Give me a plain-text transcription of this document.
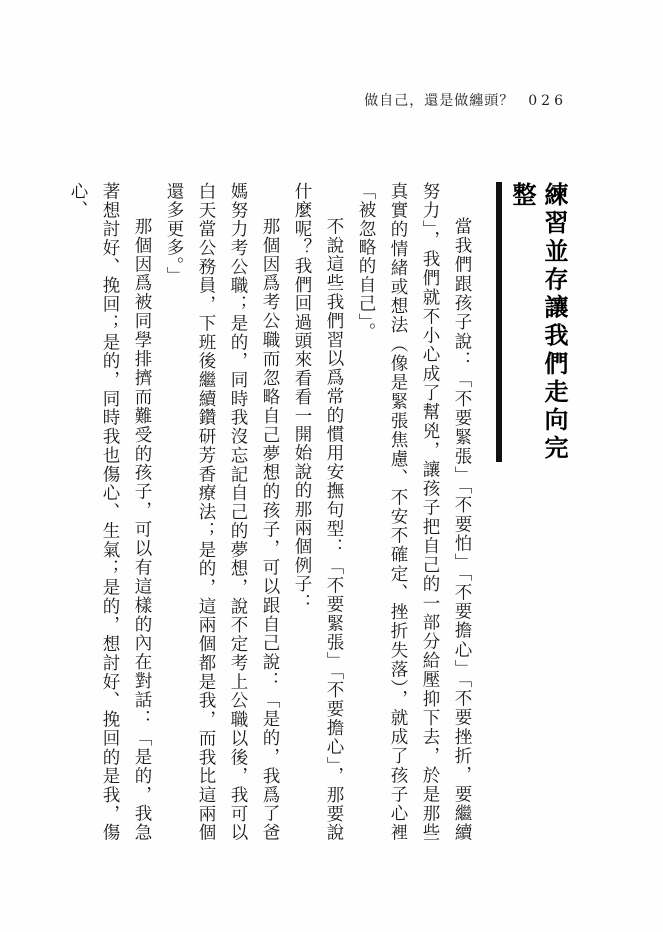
做自己，還是做纏頭？ 026
練習並存讓我們走向完整

當我們跟孩子說：「不要緊張」「不要怕」「不要擔心」「不要挫折，要繼續努力」，我們就不小心成了幫兇，讓孩子把自己的一部分給壓抑下去，於是那些真實的情緒或想法（像是緊張焦慮、不安不確定、挫折失落），就成了孩子心裡「被忽略的自己」。

不說這些我們習以爲常的慣用安撫句型：「不要緊張」「不要擔心」，那要說什麼呢？我們回過頭來看看一開始說的那兩個例子：

那個因爲考公職而忽略自己夢想的孩子，可以跟自己說：「是的，我爲了爸媽努力考公職；是的，同時我沒忘記自己的夢想，說不定考上公職以後，我可以白天當公務員，下班後繼續鑽研芳香療法；是的，這兩個都是我，而我比這兩個還多更多。」

那個因爲被同學排擠而難受的孩子，可以有這樣的內在對話：「是的，我急著想討好、挽回；是的，同時我也傷心、生氣；是的，想討好、挽回的是我，傷心、
